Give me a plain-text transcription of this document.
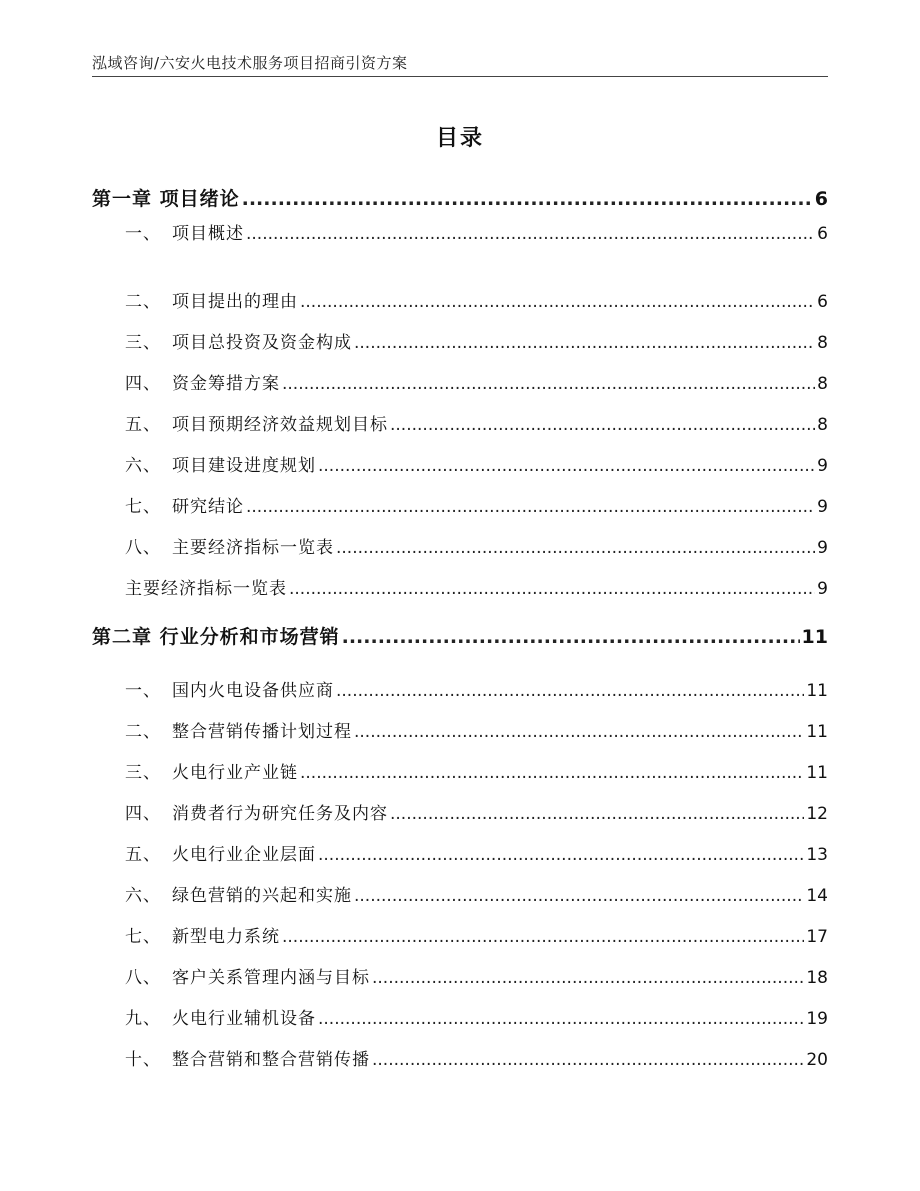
泓域咨询/六安火电技术服务项目招商引资方案
目录
第一章 项目绪论 .....	6
一、 项目概述 .....	6
二、 项目提出的理由 .....	6
三、 项目总投资及资金构成 .....	8
四、 资金筹措方案 .....	8
五、 项目预期经济效益规划目标 .....	8
六、 项目建设进度规划 .....	9
七、 研究结论 .....	9
八、 主要经济指标一览表 .....	9
主要经济指标一览表 .....	9
第二章 行业分析和市场营销 .....	11
一、 国内火电设备供应商 .....	11
二、 整合营销传播计划过程 .....	11
三、 火电行业产业链 .....	11
四、 消费者行为研究任务及内容 .....	12
五、 火电行业企业层面 .....	13
六、 绿色营销的兴起和实施 .....	14
七、 新型电力系统 .....	17
八、 客户关系管理内涵与目标 .....	18
九、 火电行业辅机设备 .....	19
十、 整合营销和整合营销传播 .....	20
